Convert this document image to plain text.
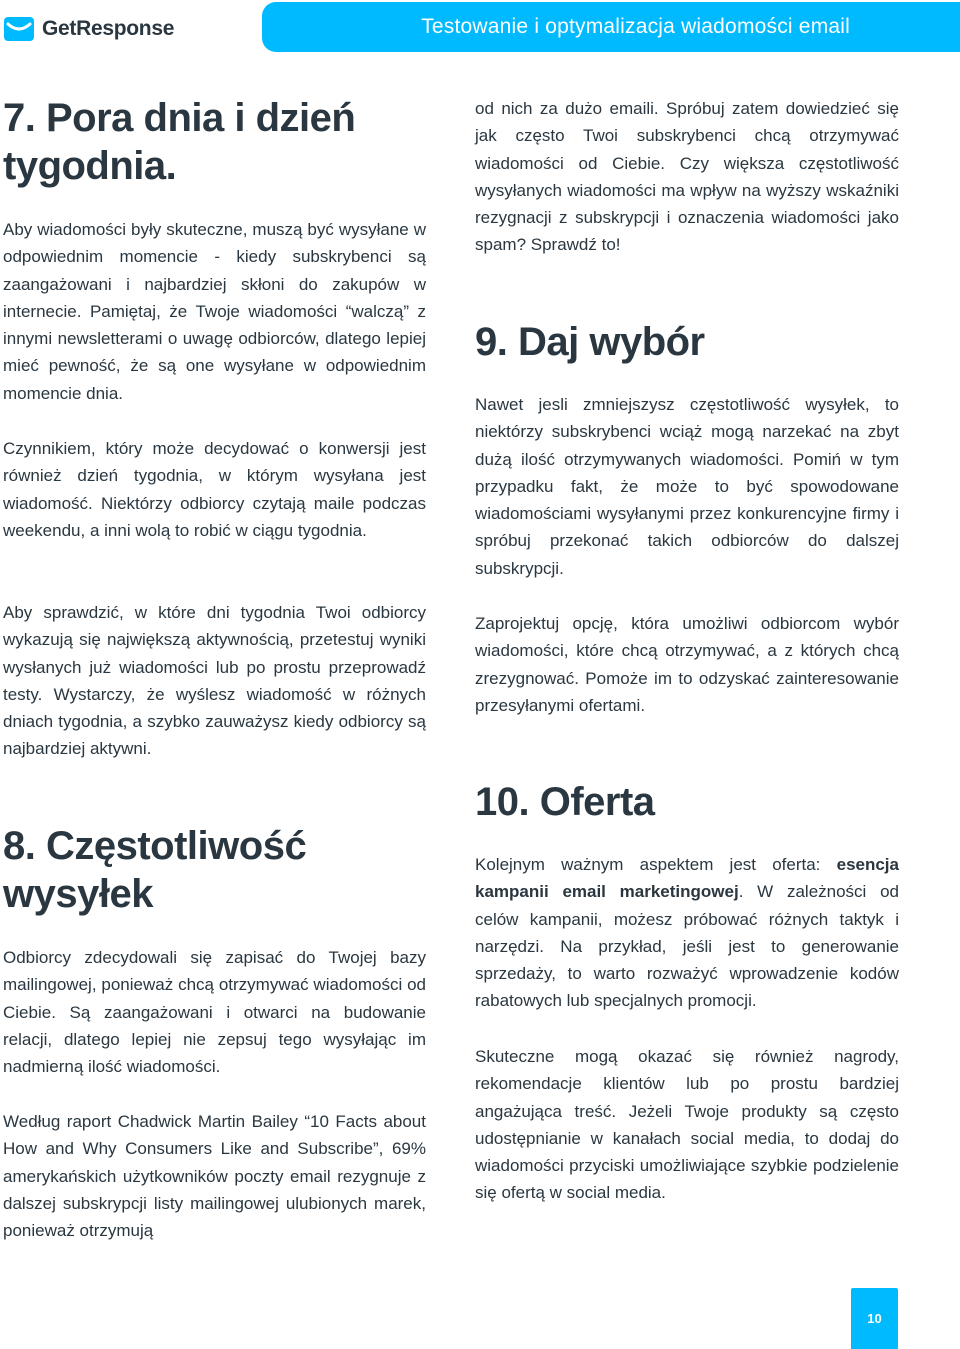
GetResponse	Testowanie i optymalizacja wiadomości email
7. Pora dnia i dzień tygodnia.

Aby wiadomości były skuteczne, muszą być wysyłane w odpowiednim momencie - kiedy subskrybenci są zaangażowani i najbardziej skłoni do zakupów w internecie. Pamiętaj, że Twoje wiadomości “walczą” z innymi newsletterami o uwagę odbiorców, dlatego lepiej mieć pewność, że są one wysyłane w odpowiednim momencie dnia.

Czynnikiem, który może decydować o konwersji jest również dzień tygodnia, w którym wysyłana jest wiadomość. Niektórzy odbiorcy czytają maile podczas weekendu, a inni wolą to robić w ciągu tygodnia.

Aby sprawdzić, w które dni tygodnia Twoi odbiorcy wykazują się największą aktywnością, przetestuj wyniki wysłanych już wiadomości lub po prostu przeprowadź testy. Wystarczy, że wyślesz wiadomość w różnych dniach tygodnia, a szybko zauważysz kiedy odbiorcy są najbardziej aktywni.

8. Częstotliwość wysyłek

Odbiorcy zdecydowali się zapisać do Twojej bazy mailingowej, ponieważ chcą otrzymywać wiadomości od Ciebie. Są zaangażowani i otwarci na budowanie relacji, dlatego lepiej nie zepsuj tego wysyłając im nadmierną ilość wiadomości.

Według raport Chadwick Martin Bailey “10 Facts about How and Why Consumers Like and Subscribe”, 69% amerykańskich użytkowników poczty email rezygnuje z dalszej subskrypcji listy mailingowej ulubionych marek, ponieważ otrzymują

od nich za dużo emaili. Spróbuj zatem dowiedzieć się jak często Twoi subskrybenci chcą otrzymywać wiadomości od Ciebie. Czy większa częstotliwość wysyłanych wiadomości ma wpływ na wyższy wskaźniki rezygnacji z subskrypcji i oznaczenia wiadomości jako spam? Sprawdź to!

9. Daj wybór

Nawet jesli zmniejszysz częstotliwość wysyłek, to niektórzy subskrybenci wciąż mogą narzekać na zbyt dużą ilość otrzymywanych wiadomości. Pomiń w tym przypadku fakt, że może to być spowodowane wiadomościami wysyłanymi przez konkurencyjne firmy i spróbuj przekonać takich odbiorców do dalszej subskrypcji.

Zaprojektuj opcję, która umożliwi odbiorcom wybór wiadomości, które chcą otrzymywać, a z których chcą zrezygnować. Pomoże im to odzyskać zainteresowanie przesyłanymi ofertami.

10. Oferta

Kolejnym ważnym aspektem jest oferta: esencja kampanii email marketingowej. W zależności od celów kampanii, możesz próbować różnych taktyk i narzędzi. Na przykład, jeśli jest to generowanie sprzedaży, to warto rozważyć wprowadzenie kodów rabatowych lub specjalnych promocji.

Skuteczne mogą okazać się również nagrody, rekomendacje klientów lub po prostu bardziej angażująca treść. Jeżeli Twoje produkty są często udostępnianie w kanałach social media, to dodaj do wiadomości przyciski umożliwiające szybkie podzielenie się ofertą w social media.

10
